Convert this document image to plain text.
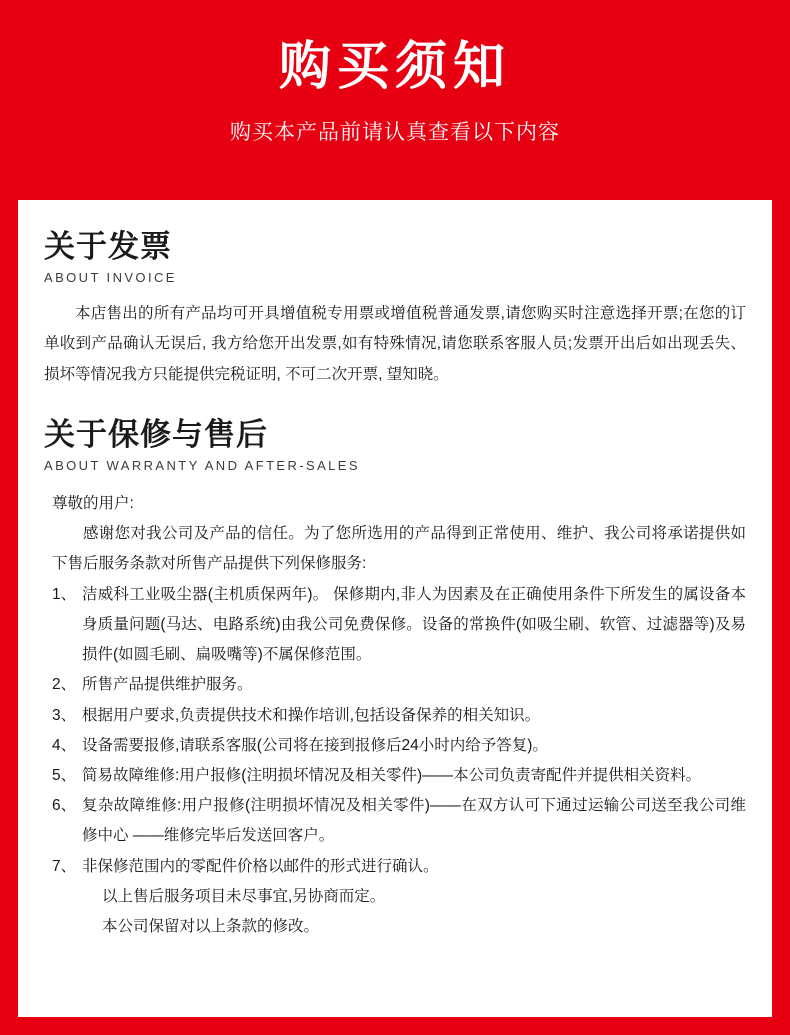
购买须知
购买本产品前请认真查看以下内容
关于发票
ABOUT INVOICE

本店售出的所有产品均可开具增值税专用票或增值税普通发票,请您购买时注意选择开票;在您的订单收到产品确认无误后, 我方给您开出发票,如有特殊情况,请您联系客服人员;发票开出后如出现丢失、损坏等情况我方只能提供完税证明, 不可二次开票, 望知晓。

关于保修与售后
ABOUT WARRANTY AND AFTER-SALES

尊敬的用户:

感谢您对我公司及产品的信任。为了您所选用的产品得到正常使用、维护、我公司将承诺提供如下售后服务条款对所售产品提供下列保修服务:

1、 洁威科工业吸尘器(主机质保两年)。 保修期内,非人为因素及在正确使用条件下所发生的属设备本身质量问题(马达、电路系统)由我公司免费保修。设备的常换件(如吸尘刷、软管、过滤器等)及易损件(如圆毛刷、扁吸嘴等)不属保修范围。
2、 所售产品提供维护服务。
3、 根据用户要求,负责提供技术和操作培训,包括设备保养的相关知识。
4、 设备需要报修,请联系客服(公司将在接到报修后24小时内给予答复)。
5、 简易故障维修:用户报修(注明损坏情况及相关零件)——本公司负责寄配件并提供相关资料。
6、 复杂故障维修:用户报修(注明损坏情况及相关零件)——在双方认可下通过运输公司送至我公司维修中心 ——维修完毕后发送回客户。
7、 非保修范围内的零配件价格以邮件的形式进行确认。
以上售后服务项目未尽事宜,另协商而定。
本公司保留对以上条款的修改。
